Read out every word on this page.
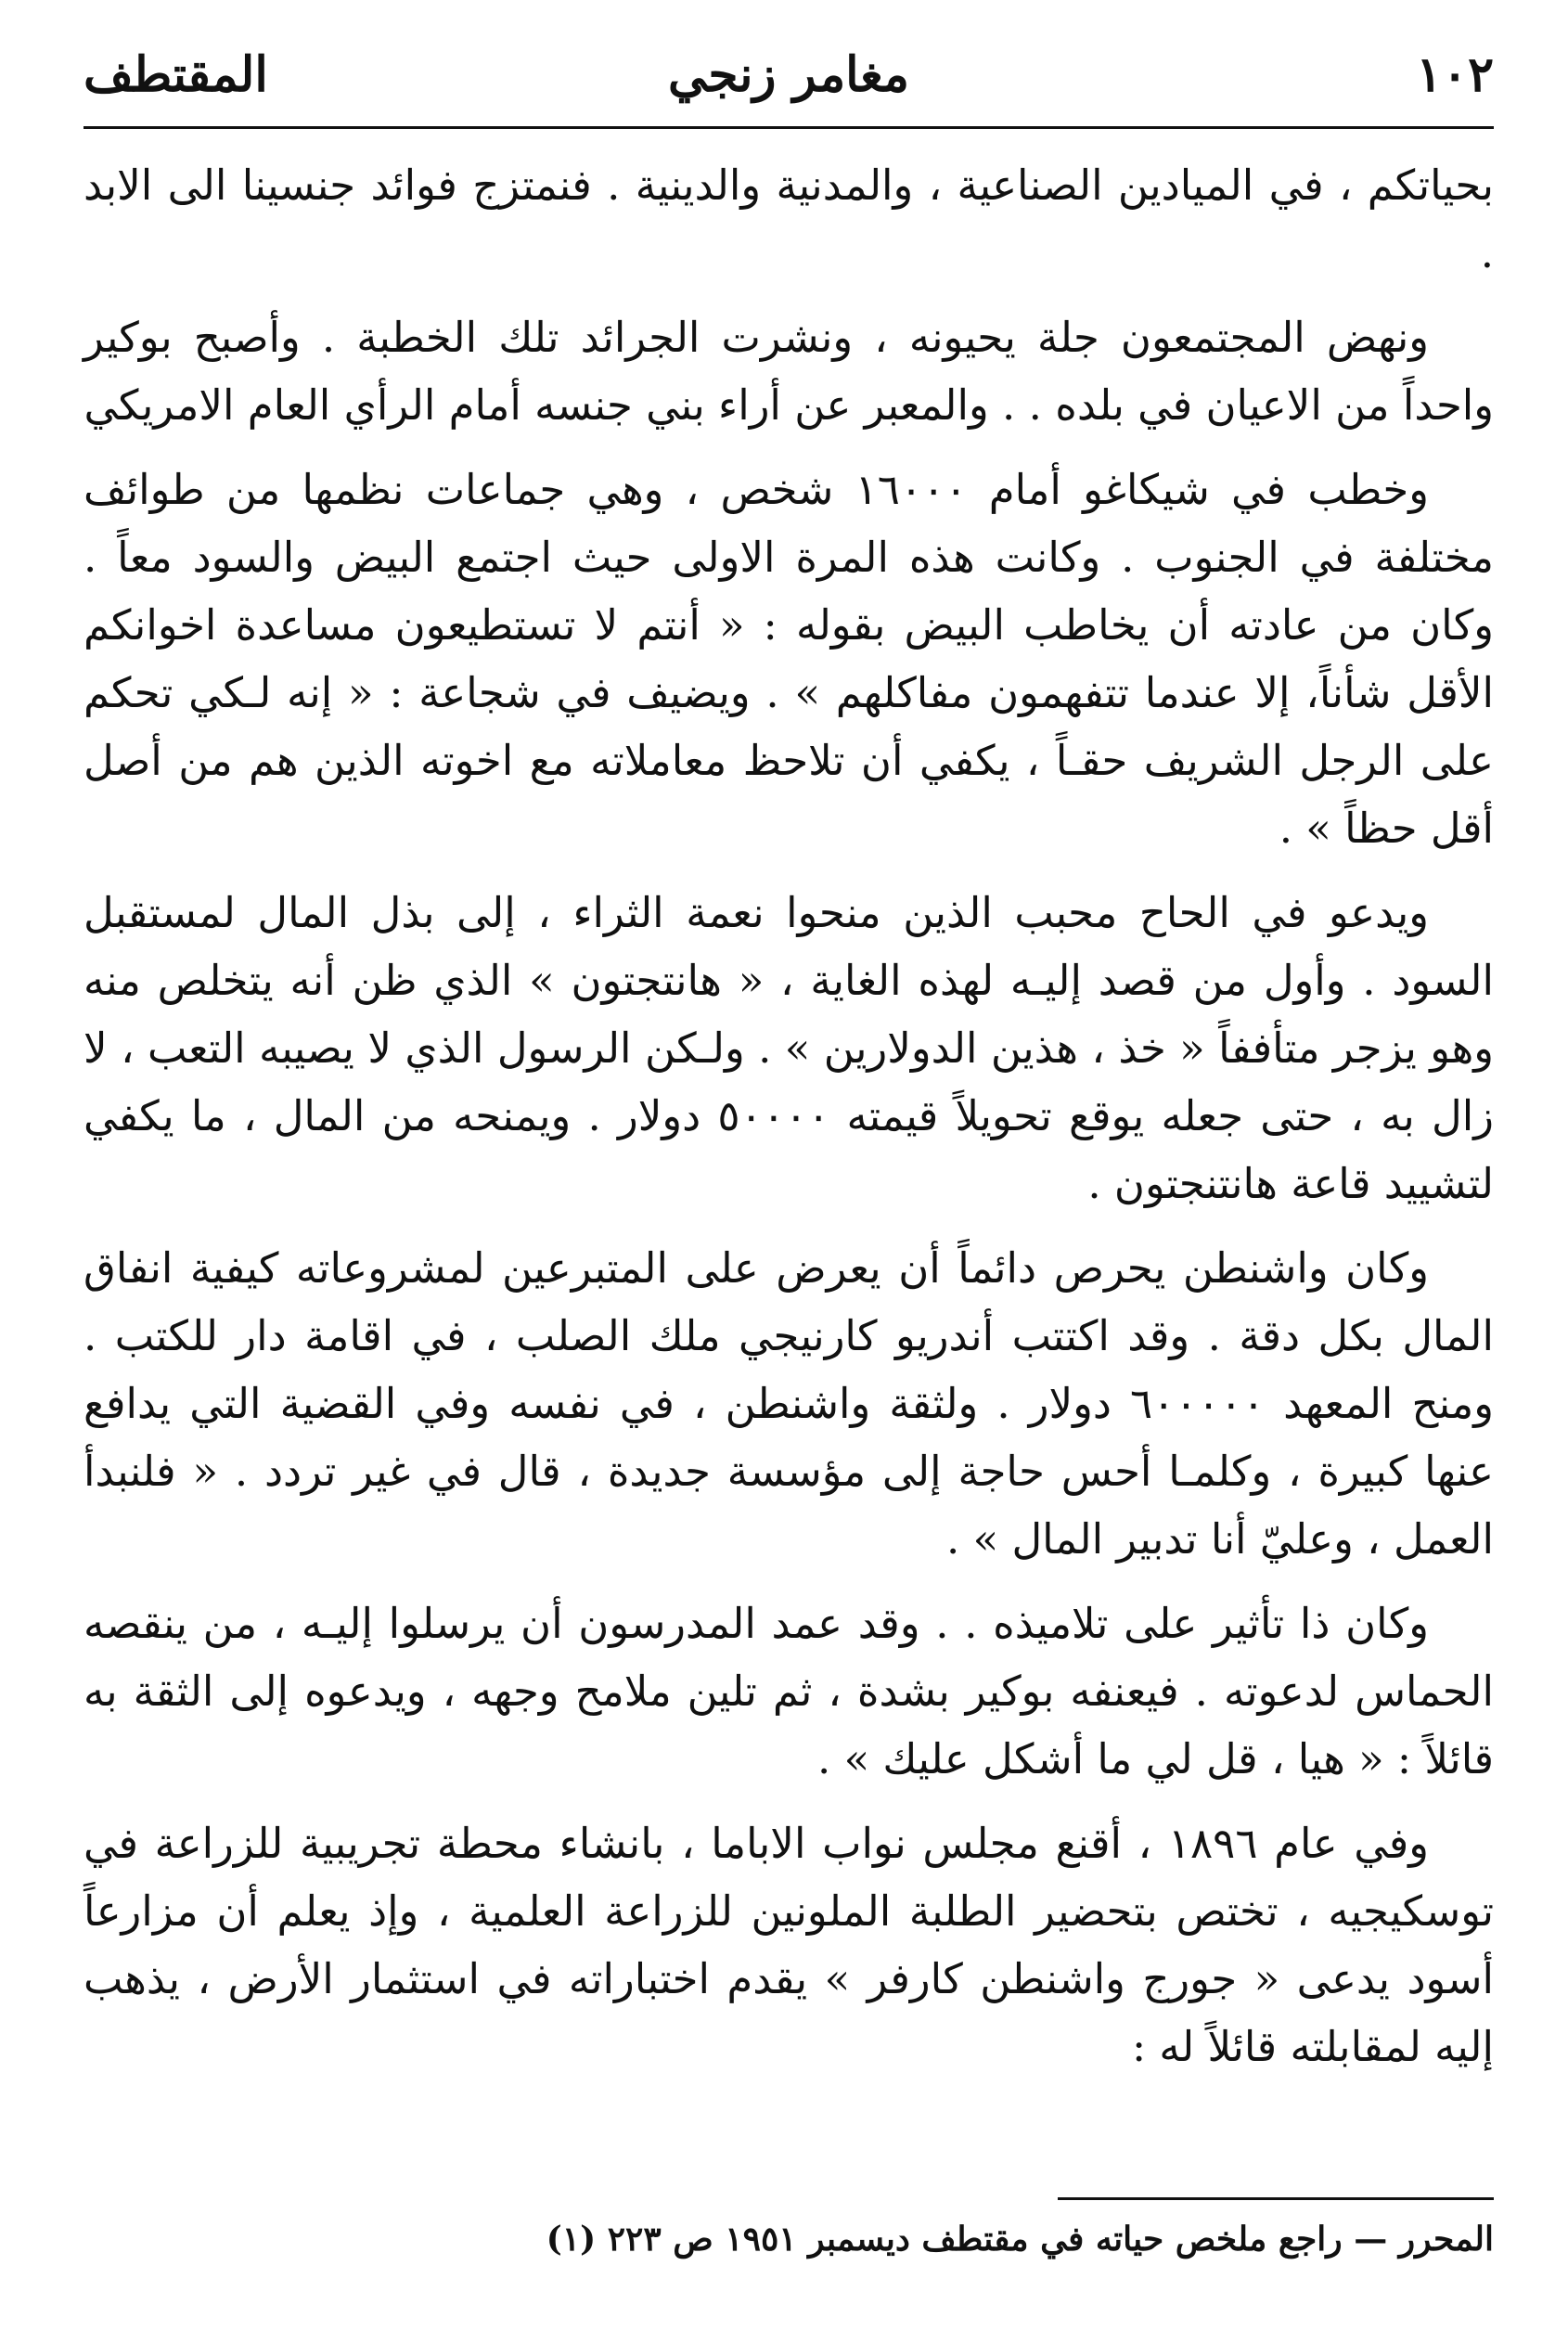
١٠٢
مغامر زنجي
المقتطف

بحياتكم ، في الميادين الصناعية ، والمدنية والدينية . فنمتزج فوائد جنسينا الى الابد .

ونهض المجتمعون جلة يحيونه ، ونشرت الجرائد تلك الخطبة . وأصبح بوكير واحداً من الاعيان في بلده . . والمعبر عن أراء بني جنسه أمام الرأي العام الامريكي

وخطب في شيكاغو أمام ١٦٠٠٠ شخص ، وهي جماعات نظمها من طوائف مختلفة في الجنوب . وكانت هذه المرة الاولى حيث اجتمع البيض والسود معاً . وكان من عادته أن يخاطب البيض بقوله : « أنتم لا تستطيعون مساعدة اخوانكم الأقل شأناً، إلا عندما تتفهمون مفاكلهم » . ويضيف في شجاعة : « إنه لـكي تحكم على الرجل الشريف حقـاً ، يكفي أن تلاحظ معاملاته مع اخوته الذين هم من أصل أقل حظاً » .

ويدعو في الحاح محبب الذين منحوا نعمة الثراء ، إلى بذل المال لمستقبل السود . وأول من قصد إليـه لهذه الغاية ، « هانتجتون » الذي ظن أنه يتخلص منه وهو يزجر متأففاً « خذ ، هذين الدولارين » . ولـكن الرسول الذي لا يصيبه التعب ، لا زال به ، حتى جعله يوقع تحويلاً قيمته ٥٠٠٠٠ دولار . ويمنحه من المال ، ما يكفي لتشييد قاعة هانتنجتون .

وكان واشنطن يحرص دائماً أن يعرض على المتبرعين لمشروعاته كيفية انفاق المال بكل دقة . وقد اكتتب أندريو كارنيجي ملك الصلب ، في اقامة دار للكتب . ومنح المعهد ٦٠٠٠٠٠ دولار . ولثقة واشنطن ، في نفسه وفي القضية التي يدافع عنها كبيرة ، وكلمـا أحس حاجة إلى مؤسسة جديدة ، قال في غير تردد . « فلنبدأ العمل ، وعليّ أنا تدبير المال » .

وكان ذا تأثير على تلاميذه . . وقد عمد المدرسون أن يرسلوا إليـه ، من ينقصه الحماس لدعوته . فيعنفه بوكير بشدة ، ثم تلين ملامح وجهه ، ويدعوه إلى الثقة به قائلاً : « هيا ، قل لي ما أشكل عليك » .

وفي عام ١٨٩٦ ، أقنع مجلس نواب الاباما ، بانشاء محطة تجريبية للزراعة في توسكيجيه ، تختص بتحضير الطلبة الملونين للزراعة العلمية ، وإذ يعلم أن مزارعاً أسود يدعى « جورج واشنطن كارفر » يقدم اختباراته في استثمار الأرض ، يذهب إليه لمقابلته قائلاً له :

(١) المحرر — راجع ملخص حياته في مقتطف ديسمبر ١٩٥١ ص ٢٢٣
